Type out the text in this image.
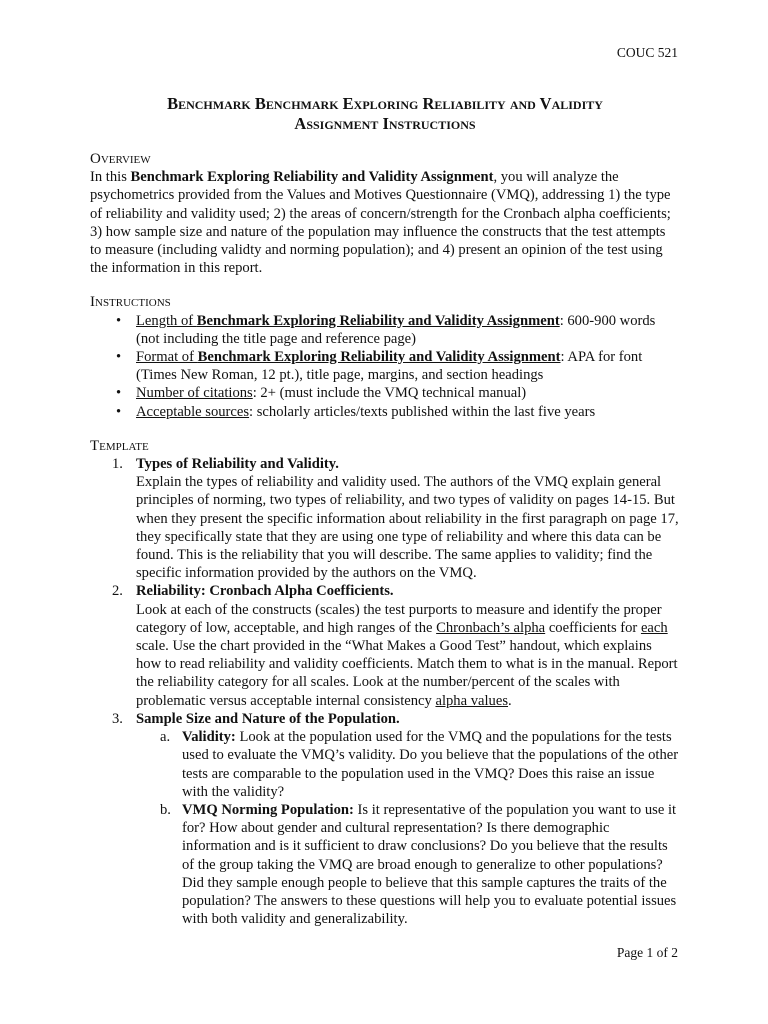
COUC 521
Benchmark Benchmark Exploring Reliability and Validity
Assignment Instructions
Overview

In this Benchmark Exploring Reliability and Validity Assignment, you will analyze the psychometrics provided from the Values and Motives Questionnaire (VMQ), addressing 1) the type of reliability and validity used; 2) the areas of concern/strength for the Cronbach alpha coefficients; 3) how sample size and nature of the population may influence the constructs that the test attempts to measure (including validty and norming population); and 4) present an opinion of the test using the information in this report.

Instructions
• Length of Benchmark Exploring Reliability and Validity Assignment: 600-900 words (not including the title page and reference page)
• Format of Benchmark Exploring Reliability and Validity Assignment: APA for font (Times New Roman, 12 pt.), title page, margins, and section headings
• Number of citations: 2+ (must include the VMQ technical manual)
• Acceptable sources: scholarly articles/texts published within the last five years
Template
1. Types of Reliability and Validity.

Explain the types of reliability and validity used. The authors of the VMQ explain general principles of norming, two types of reliability, and two types of validity on pages 14-15. But when they present the specific information about reliability in the first paragraph on page 17, they specifically state that they are using one type of reliability and where this data can be found. This is the reliability that you will describe. The same applies to validity; find the specific information provided by the authors on the VMQ.

2. Reliability: Cronbach Alpha Coefficients.

Look at each of the constructs (scales) the test purports to measure and identify the proper category of low, acceptable, and high ranges of the Chronbach’s alpha coefficients for each scale. Use the chart provided in the “What Makes a Good Test” handout, which explains how to read reliability and validity coefficients. Match them to what is in the manual. Report the reliability category for all scales. Look at the number/percent of the scales with problematic versus acceptable internal consistency alpha values.

3. Sample Size and Nature of the Population.
a. Validity: Look at the population used for the VMQ and the populations for the tests used to evaluate the VMQ’s validity. Do you believe that the populations of the other tests are comparable to the population used in the VMQ? Does this raise an issue with the validity?
b. VMQ Norming Population: Is it representative of the population you want to use it for? How about gender and cultural representation? Is there demographic information and is it sufficient to draw conclusions? Do you believe that the results of the group taking the VMQ are broad enough to generalize to other populations? Did they sample enough people to believe that this sample captures the traits of the population? The answers to these questions will help you to evaluate potential issues with both validity and generalizability.
Page 1 of 2
